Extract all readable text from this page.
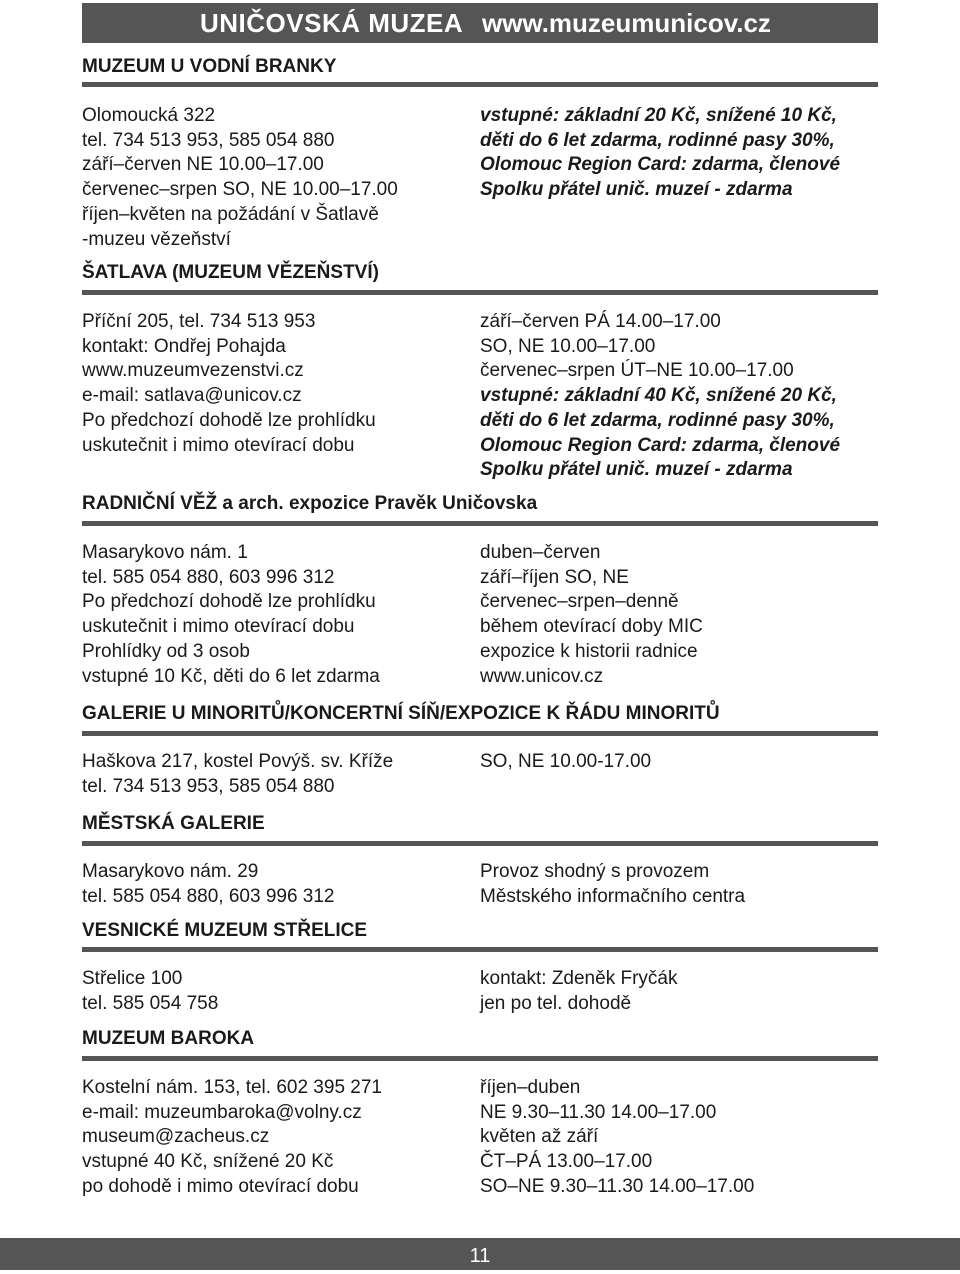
UNIČOVSKÁ MUZEA www.muzeumunicov.cz
MUZEUM U VODNÍ BRANKY
Olomoucká 322
tel. 734 513 953, 585 054 880
září–červen NE 10.00–17.00
červenec–srpen SO, NE 10.00–17.00
říjen–květen na požádání v Šatlavě
-muzeu vězeňství
vstupné: základní 20 Kč, snížené 10 Kč,
děti do 6 let zdarma, rodinné pasy 30%,
Olomouc Region Card: zdarma, členové
Spolku přátel unič. muzeí - zdarma
ŠATLAVA (MUZEUM VĚZEŇSTVÍ)
Příční 205, tel. 734 513 953
kontakt: Ondřej Pohajda
www.muzeumvezenstvi.cz
e-mail: satlava@unicov.cz
Po předchozí dohodě lze prohlídku
uskutečnit i mimo otevírací dobu
září–červen PÁ 14.00–17.00
SO, NE 10.00–17.00
červenec–srpen ÚT–NE 10.00–17.00
vstupné: základní 40 Kč, snížené 20 Kč,
děti do 6 let zdarma, rodinné pasy 30%,
Olomouc Region Card: zdarma, členové
Spolku přátel unič. muzeí - zdarma
RADNIČNÍ VĚŽ a arch. expozice Pravěk Uničovska
Masarykovo nám. 1
tel. 585 054 880, 603 996 312
Po předchozí dohodě lze prohlídku
uskutečnit i mimo otevírací dobu
Prohlídky od 3 osob
vstupné 10 Kč, děti do 6 let zdarma
duben–červen
září–říjen SO, NE
červenec–srpen–denně
během otevírací doby MIC
expozice k historii radnice
www.unicov.cz
GALERIE U MINORITŮ/KONCERTNÍ SÍŇ/EXPOZICE K ŘÁDU MINORITŮ
Haškova 217, kostel Povýš. sv. Kříže
tel. 734 513 953, 585 054 880
SO, NE 10.00-17.00
MĚSTSKÁ GALERIE
Masarykovo nám. 29
tel. 585 054 880, 603 996 312
Provoz shodný s provozem
Městského informačního centra
VESNICKÉ MUZEUM STŘELICE
Střelice 100
tel. 585 054 758
kontakt: Zdeněk Fryčák
jen po tel. dohodě
MUZEUM BAROKA
Kostelní nám. 153, tel. 602 395 271
e-mail: muzeumbaroka@volny.cz
museum@zacheus.cz
vstupné 40 Kč, snížené 20 Kč
po dohodě i mimo otevírací dobu
říjen–duben
NE 9.30–11.30 14.00–17.00
květen až září
ČT–PÁ 13.00–17.00
SO–NE 9.30–11.30 14.00–17.00
11
